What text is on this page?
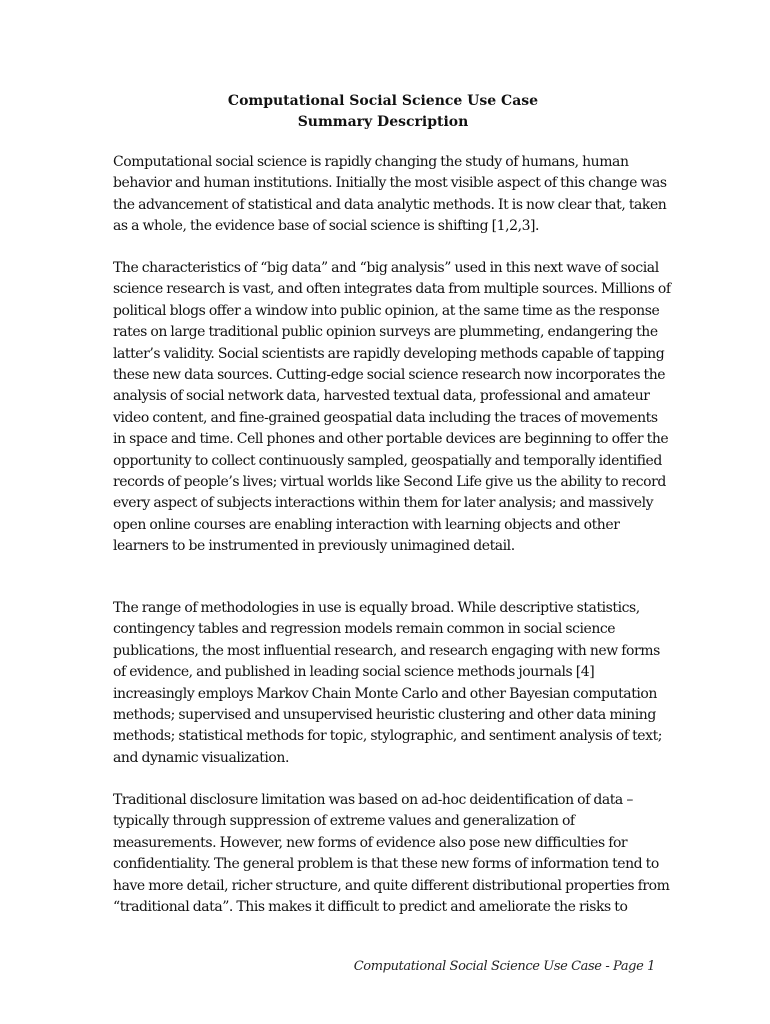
Computational Social Science Use Case
Summary Description

Computational social science is rapidly changing the study of humans, human behavior and human institutions. Initially the most visible aspect of this change was the advancement of statistical and data analytic methods. It is now clear that, taken as a whole, the evidence base of social science is shifting [1,2,3].

The characteristics of “big data” and “big analysis” used in this next wave of social science research is vast, and often integrates data from multiple sources. Millions of political blogs offer a window into public opinion, at the same time as the response rates on large traditional public opinion surveys are plummeting, endangering the latter’s validity. Social scientists are rapidly developing methods capable of tapping these new data sources. Cutting-edge social science research now incorporates the analysis of social network data, harvested textual data, professional and amateur video content, and fine-grained geospatial data including the traces of movements in space and time. Cell phones and other portable devices are beginning to offer the opportunity to collect continuously sampled, geospatially and temporally identified records of people’s lives; virtual worlds like Second Life give us the ability to record every aspect of subjects interactions within them for later analysis; and massively open online courses are enabling interaction with learning objects and other learners to be instrumented in previously unimagined detail.

The range of methodologies in use is equally broad. While descriptive statistics, contingency tables and regression models remain common in social science publications, the most influential research, and research engaging with new forms of evidence, and published in leading social science methods journals [4] increasingly employs Markov Chain Monte Carlo and other Bayesian computation methods; supervised and unsupervised heuristic clustering and other data mining methods; statistical methods for topic, stylographic, and sentiment analysis of text; and dynamic visualization.

Traditional disclosure limitation was based on ad-hoc deidentification of data – typically through suppression of extreme values and generalization of measurements. However, new forms of evidence also pose new difficulties for confidentiality. The general problem is that these new forms of information tend to have more detail, richer structure, and quite different distributional properties from “traditional data”. This makes it difficult to predict and ameliorate the risks to

Computational Social Science Use Case - Page 1
